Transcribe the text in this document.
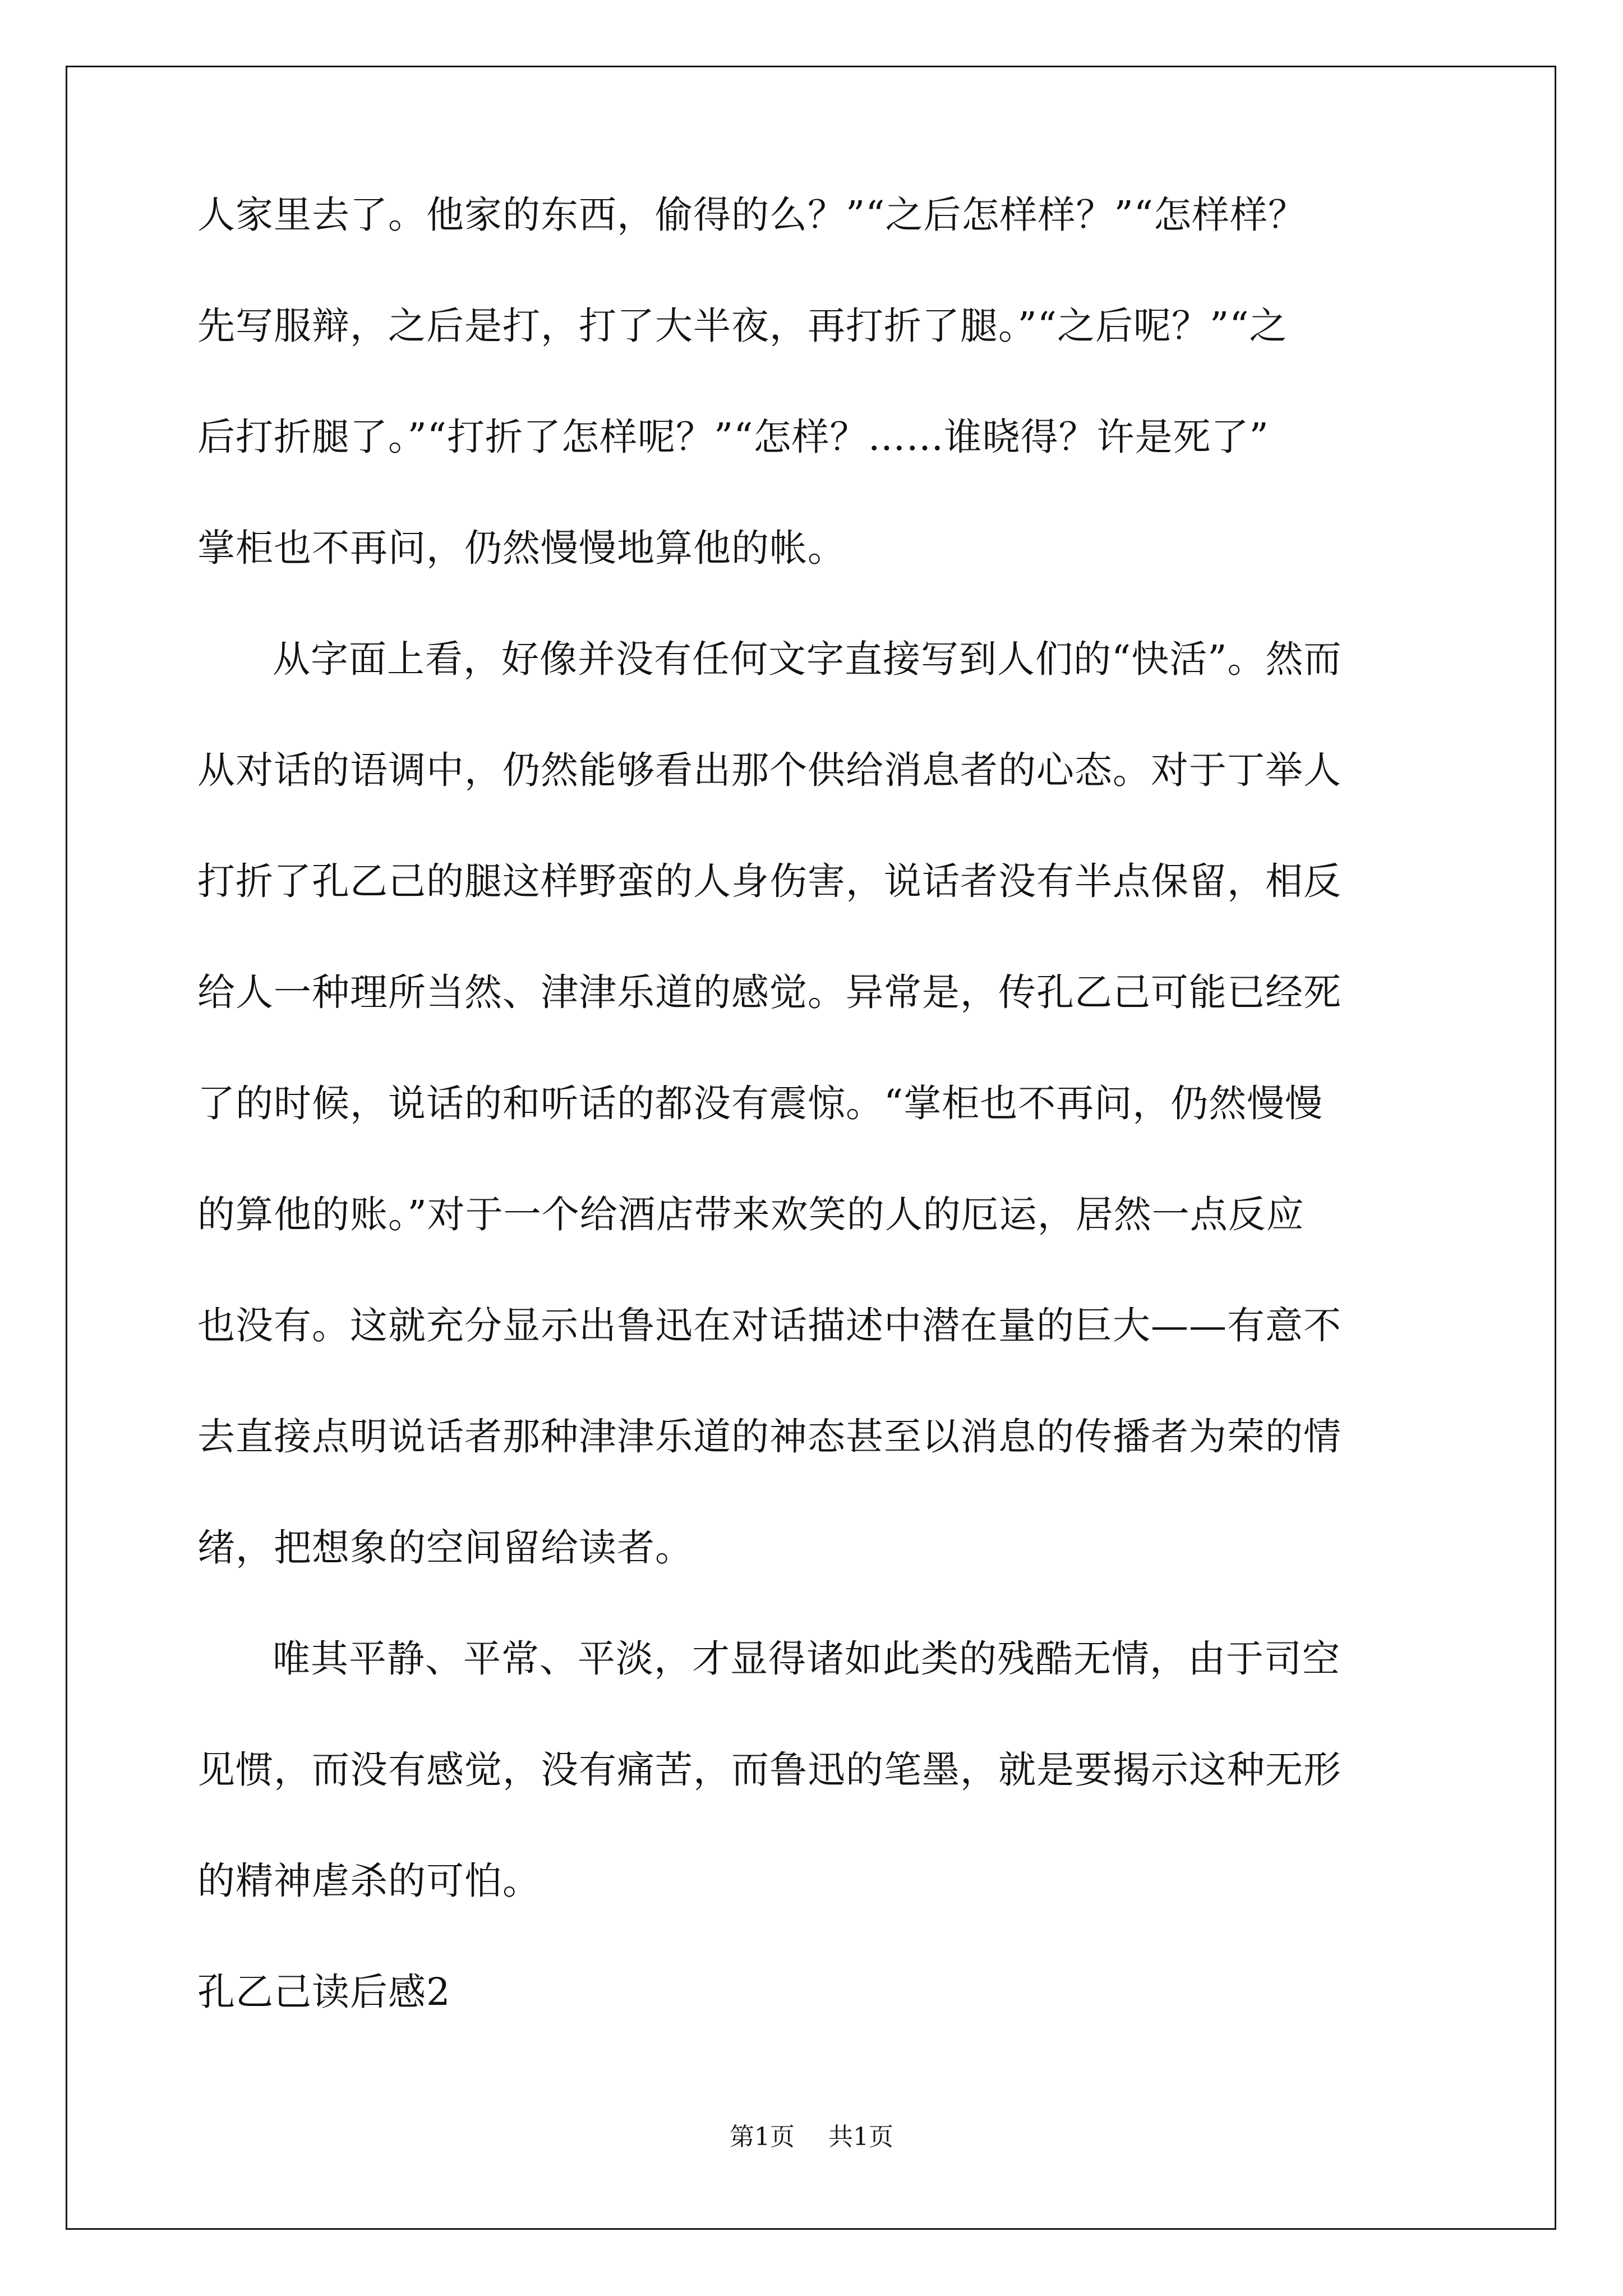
人家里去了。他家的东西，偷得的么？”“之后怎样样？”“怎样样？
先写服辩，之后是打，打了大半夜，再打折了腿。”“之后呢？”“之
后打折腿了。”“打折了怎样呢？”“怎样？……谁晓得？许是死了”
掌柜也不再问，仍然慢慢地算他的帐。
从字面上看，好像并没有任何文字直接写到人们的“快活”。然而
从对话的语调中，仍然能够看出那个供给消息者的心态。对于丁举人
打折了孔乙己的腿这样野蛮的人身伤害，说话者没有半点保留，相反
给人一种理所当然、津津乐道的感觉。异常是，传孔乙己可能已经死
了的时候，说话的和听话的都没有震惊。“掌柜也不再问，仍然慢慢
的算他的账。”对于一个给酒店带来欢笑的人的厄运，居然一点反应
也没有。这就充分显示出鲁迅在对话描述中潜在量的巨大——有意不
去直接点明说话者那种津津乐道的神态甚至以消息的传播者为荣的情
绪，把想象的空间留给读者。
唯其平静、平常、平淡，才显得诸如此类的残酷无情，由于司空
见惯，而没有感觉，没有痛苦，而鲁迅的笔墨，就是要揭示这种无形
的精神虐杀的可怕。
孔乙己读后感2
第1页 共1页
